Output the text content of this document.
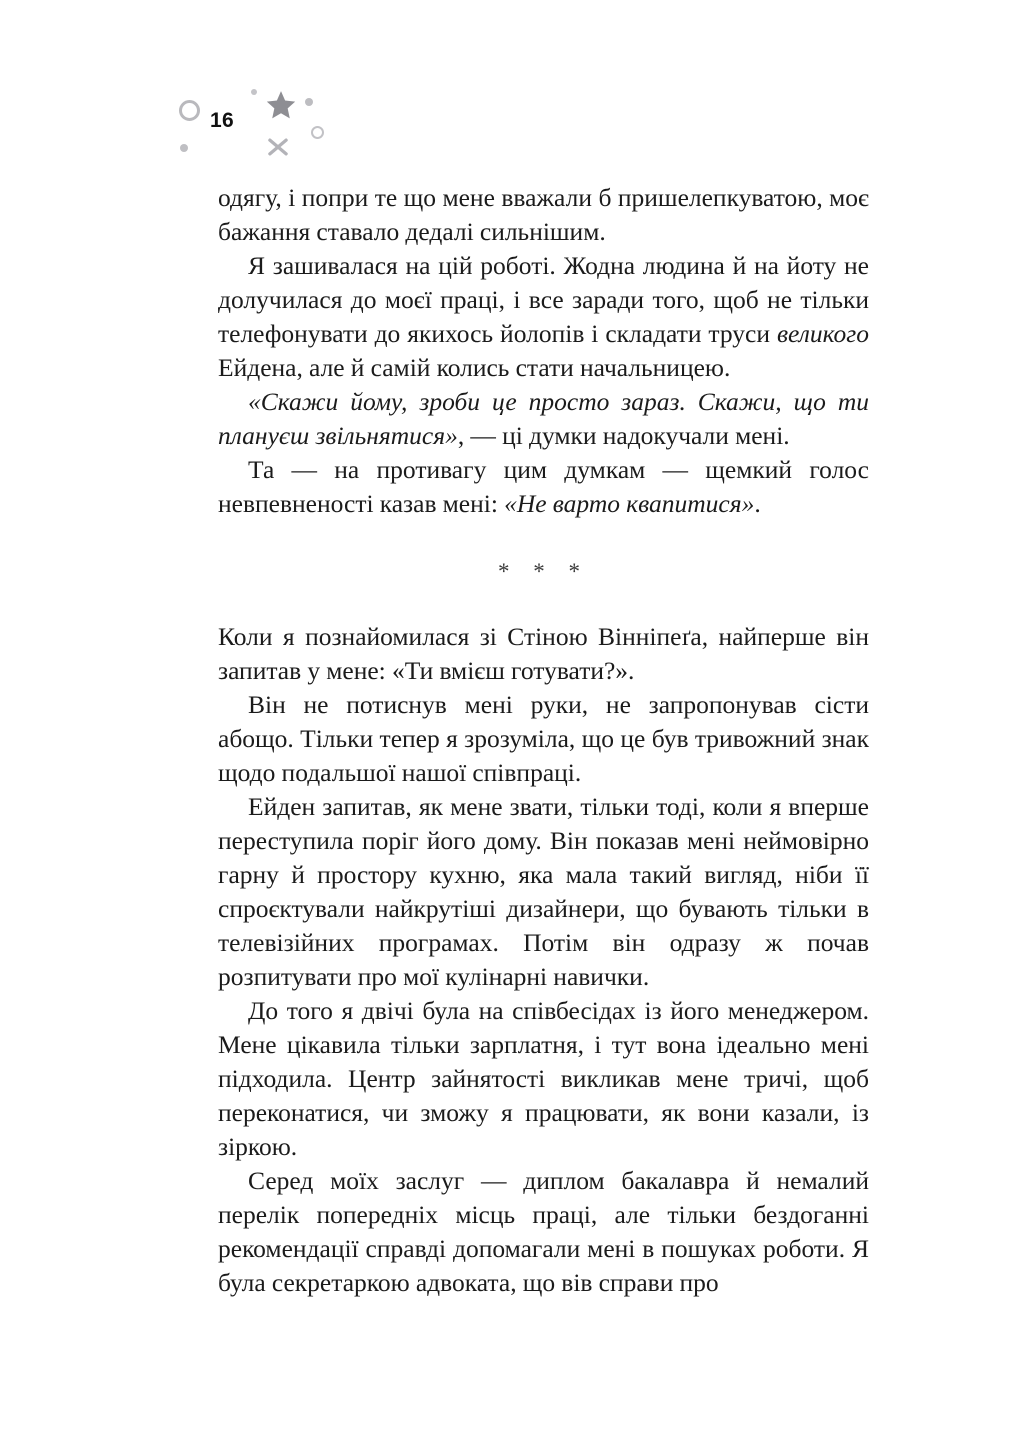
16

одягу, і попри те що мене вважали б пришелепкуватою, моє бажання ставало дедалі сильнішим.

Я зашивалася на цій роботі. Жодна людина й на йоту не долучилася до моєї праці, і все заради того, щоб не тільки телефонувати до якихось йолопів і складати труси великого Ейдена, але й самій колись стати начальницею.

«Скажи йому, зроби це просто зараз. Скажи, що ти плануєш звільнятися», — ці думки надокучали мені.

Та — на противагу цим думкам — щемкий голос невпевненості казав мені: «Не варто квапитися».

* * *

Коли я познайомилася зі Стіною Вінніпеґа, найперше він запитав у мене: «Ти вмієш готувати?».

Він не потиснув мені руки, не запропонував сісти абощо. Тільки тепер я зрозуміла, що це був тривожний знак щодо подальшої нашої співпраці.

Ейден запитав, як мене звати, тільки тоді, коли я вперше переступила поріг його дому. Він показав мені неймовірно гарну й простору кухню, яка мала такий вигляд, ніби її спроєктували найкрутіші дизайнери, що бувають тільки в телевізійних програмах. Потім він одразу ж почав розпитувати про мої кулінарні навички.

До того я двічі була на співбесідах із його менеджером. Мене цікавила тільки зарплатня, і тут вона ідеально мені підходила. Центр зайнятості викликав мене тричі, щоб переконатися, чи зможу я працювати, як вони казали, із зіркою.

Серед моїх заслуг — диплом бакалавра й немалий перелік попередніх місць праці, але тільки бездоганні рекомендації справді допомагали мені в пошуках роботи. Я була секретаркою адвоката, що вів справи про
